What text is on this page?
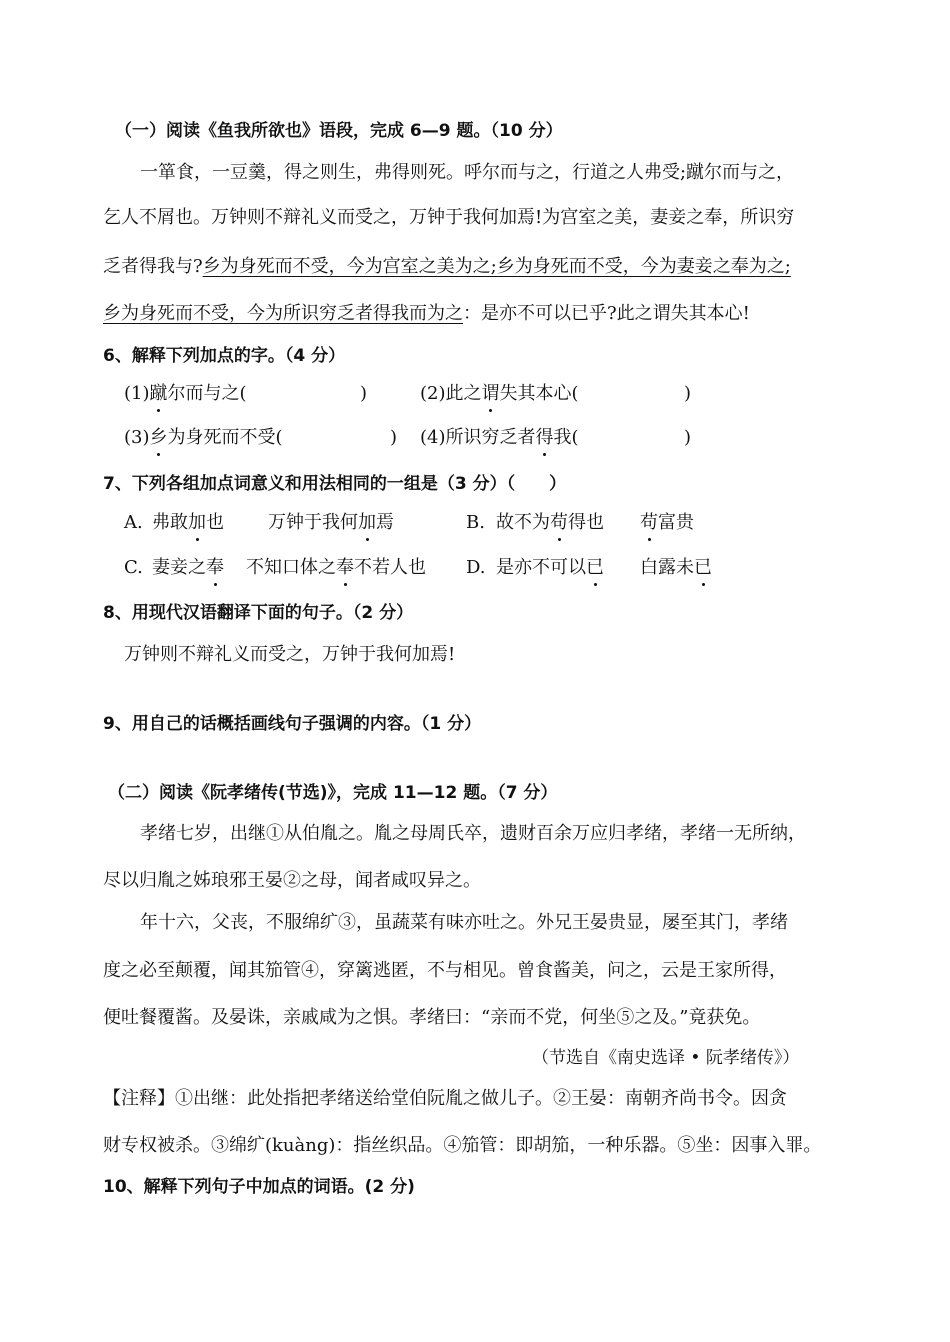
（一）阅读《鱼我所欲也》语段，完成 6—9 题。（10 分）
一箪食，一豆羹，得之则生，弗得则死。呼尔而与之，行道之人弗受;蹴尔而与之，
乞人不屑也。万钟则不辩礼义而受之，万钟于我何加焉!为宫室之美，妻妾之奉，所识穷
乏者得我与?乡为身死而不受，今为宫室之美为之;乡为身死而不受，今为妻妾之奉为之;
乡为身死而不受，今为所识穷乏者得我而为之：是亦不可以已乎?此之谓失其本心!
6、解释下列加点的字。（4 分）
(1)蹴尔而与之(	)	(2)此之谓失其本心(	)
(3)乡为身死而不受(	) (4)所识穷乏者得我(	)
7、下列各组加点词意义和用法相同的一组是（3 分）（　　）
A. 弗敢加也 万钟于我何加焉	B. 故不为苟得也 苟富贵
C. 妻妾之奉 不知口体之奉不若人也 D. 是亦不可以已 白露未已
8、用现代汉语翻译下面的句子。（2 分）
万钟则不辩礼义而受之，万钟于我何加焉!
9、用自己的话概括画线句子强调的内容。（1 分）
（二）阅读《阮孝绪传(节选)》，完成 11—12 题。（7 分）
孝绪七岁，出继①从伯胤之。胤之母周氏卒，遗财百余万应归孝绪，孝绪一无所纳，
尽以归胤之姊琅邪王晏②之母，闻者咸叹异之。
年十六，父丧，不服绵纩③，虽蔬菜有味亦吐之。外兄王晏贵显，屡至其门，孝绪
度之必至颠覆，闻其笳管④，穿篱逃匿，不与相见。曾食酱美，问之，云是王家所得，
便吐餐覆酱。及晏诛，亲戚咸为之惧。孝绪曰：“亲而不党，何坐⑤之及。”竟获免。
（节选自《南史选译 • 阮孝绪传》）
【注释】①出继：此处指把孝绪送给堂伯阮胤之做儿子。②王晏：南朝齐尚书令。因贪
财专权被杀。③绵纩(kuàng)：指丝织品。④笳管：即胡笳，一种乐器。⑤坐：因事入罪。
10、解释下列句子中加点的词语。(2 分)
